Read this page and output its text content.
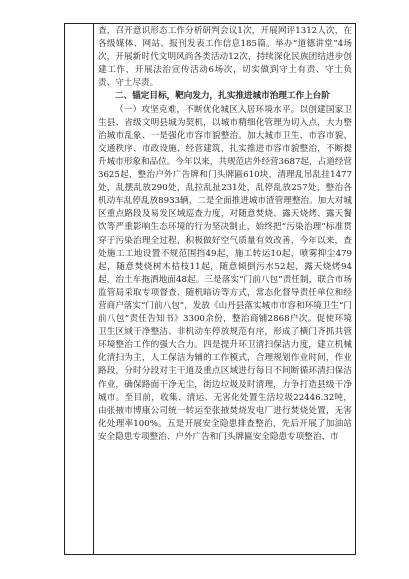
查，召开意识形态工作分析研判会议1次，开展网评1312人次，在各级媒体、网站、报刊发表工作信息185篇。举办“道德讲堂”4场次，开展新时代文明风尚各类活动12次，持续深化民族团结进步创建工作，开展法治宣传活动6场次，切实做到守土有责、守土负责、守土尽责。

二、锚定目标，靶向发力，扎实推进城市治理工作上台阶

（一）攻坚克难，不断优化城区人居环境水平。以创建国家卫生县、省级文明县城为契机，以城市精细化管理为切入点，大力整治城市乱象、一是强化市容市貌整治。加大城市卫生、市容市貌、交通秩序、市政设施、经营建筑，扎实推进市容市貌整治，不断提升城市形象和品位。今年以来，共规范店外经营3687起，占道经营3625起，整治户外广告牌和门头牌匾610块，清理乱吊乱挂1477处，乱摆乱放290处，乱拉乱扯231处，乱停乱放257处，整治各机动车乱停乱放8933辆，二是全面推进城市渣管理整治。加大对城区重点路段及易发区域巡查力度，对随意焚烧、露天烧烤、露天餐饮等严重影响生态环境的行为坚决制止，始终把“污染治理”标准贯穿于污染治理全过程，积极做好空气质量有效改善，今年以来，查处施工工地设置不规范围挡49起，施工转运10起，喷雾抑尘479起，随意焚烧树木枯枝11起，随意倾倒污水52起，露天烧烤94起，治土车拖洒地面48起。三是落实“门前八包”责任制，联合市场监管局采取专项督查、随机暗访等方式，常态化督导责任单位和经营商户落实“门前八包”，发放《山丹县落实城市市容和环境卫生“门前八包”责任告知书》3300余份，整治商铺2868户次。促使环境卫生区域干净整洁、非机动车停放规范有序，形成了横门齐抓共管环境整治工作的强大合力。四是提升环卫清扫保洁力度，建立机械化清扫为主，人工保洁为辅的工作模式，合理规划作业时间，作业路段，分时分段对主干道及重点区域进行每日不间断循环清扫保洁作业，确保路面干净无尘，街边垃圾及时清理，力争打造县级干净城市。至目前，收集、清运、无害化处置生活垃圾22446.32吨，由张掖市博康公司统一转运至张掖焚烧发电厂进行焚烧处置，无害化处理率100%。五是开展安全隐患排查整治，先后开展了加油站安全隐患专项整治、户外广告和门头牌匾安全隐患专项整治、市
